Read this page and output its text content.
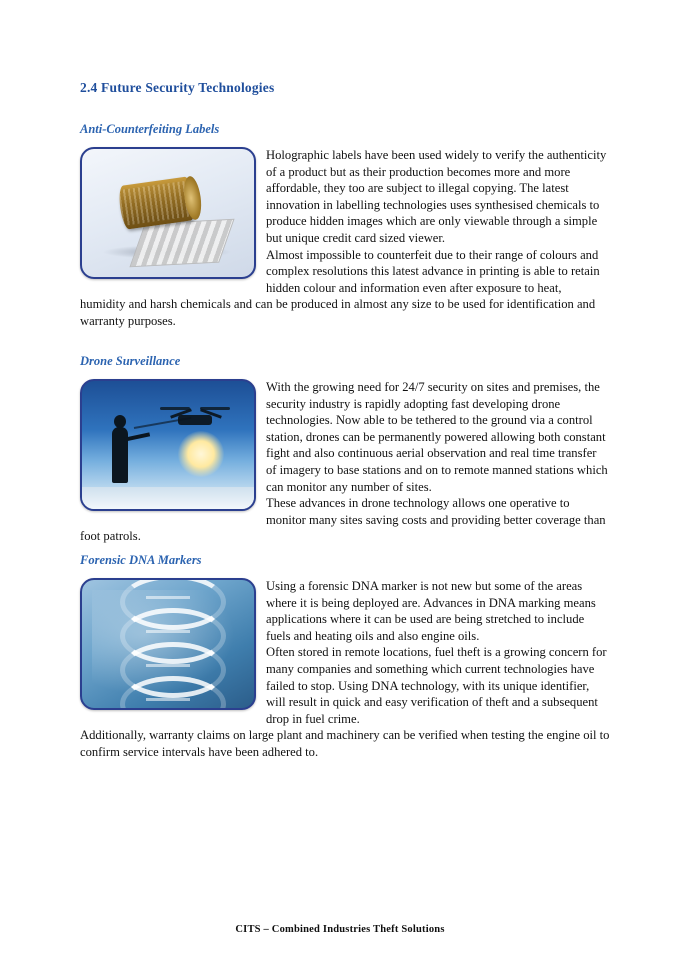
2.4 Future Security Technologies
Anti-Counterfeiting Labels

Holographic labels have been used widely to verify the authenticity of a product but as their production becomes more and more affordable, they too are subject to illegal copying. The latest innovation in labelling technologies uses synthesised chemicals to produce hidden images which are only viewable through a simple but unique credit card sized viewer.

Almost impossible to counterfeit due to their range of colours and complex resolutions this latest advance in printing is able to retain hidden colour and information even after exposure to heat, humidity and harsh chemicals and can be produced in almost any size to be used for identification and warranty purposes.

Drone Surveillance

With the growing need for 24/7 security on sites and premises, the security industry is rapidly adopting fast developing drone technologies. Now able to be tethered to the ground via a control station, drones can be permanently powered allowing both constant fight and also continuous aerial observation and real time transfer of imagery to base stations and on to remote manned stations which can monitor any number of sites.

These advances in drone technology allows one operative to monitor many sites saving costs and providing better coverage than foot patrols.

Forensic DNA Markers

Using a forensic DNA marker is not new but some of the areas where it is being deployed are. Advances in DNA marking means applications where it can be used are being stretched to include fuels and heating oils and also engine oils.

Often stored in remote locations, fuel theft is a growing concern for many companies and something which current technologies have failed to stop. Using DNA technology, with its unique identifier, will result in quick and easy verification of theft and a subsequent drop in fuel crime.

Additionally, warranty claims on large plant and machinery can be verified when testing the engine oil to confirm service intervals have been adhered to.

CITS – Combined Industries Theft Solutions
